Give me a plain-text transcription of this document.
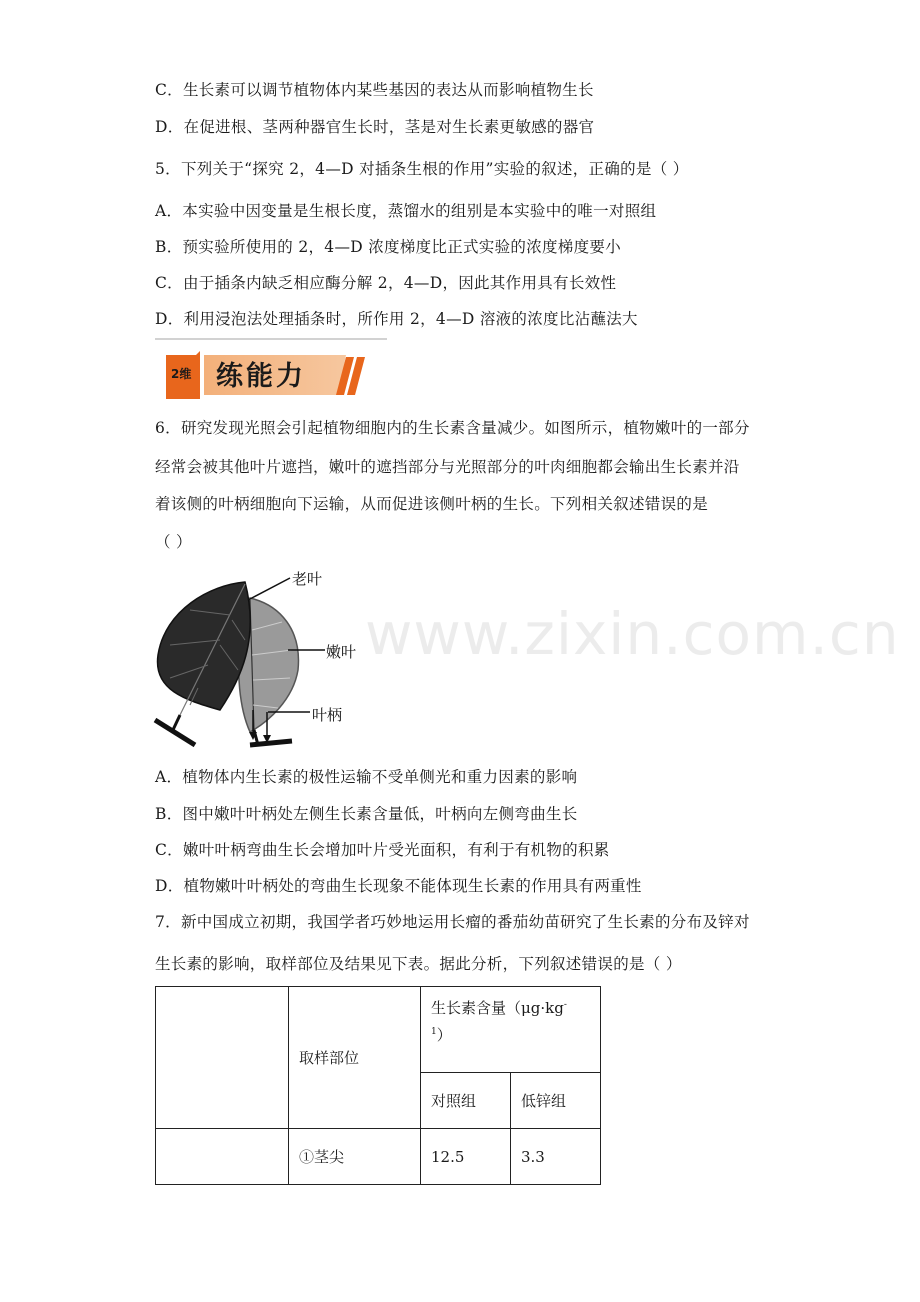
www.zixin.com.cn
C．生长素可以调节植物体内某些基因的表达从而影响植物生长
D．在促进根、茎两种器官生长时，茎是对生长素更敏感的器官
5．下列关于“探究 2，4—D 对插条生根的作用”实验的叙述，正确的是（ ）
A．本实验中因变量是生根长度，蒸馏水的组别是本实验中的唯一对照组
B．预实验所使用的 2，4—D 浓度梯度比正式实验的浓度梯度要小
C．由于插条内缺乏相应酶分解 2，4—D，因此其作用具有长效性
D．利用浸泡法处理插条时，所作用 2，4—D 溶液的浓度比沾蘸法大
2维 练能力
6．研究发现光照会引起植物细胞内的生长素含量减少。如图所示，植物嫩叶的一部分
经常会被其他叶片遮挡，嫩叶的遮挡部分与光照部分的叶肉细胞都会输出生长素并沿
着该侧的叶柄细胞向下运输，从而促进该侧叶柄的生长。下列相关叙述错误的是
（ ）
老叶
嫩叶
叶柄
A．植物体内生长素的极性运输不受单侧光和重力因素的影响
B．图中嫩叶叶柄处左侧生长素含量低，叶柄向左侧弯曲生长
C．嫩叶叶柄弯曲生长会增加叶片受光面积，有利于有机物的积累
D．植物嫩叶叶柄处的弯曲生长现象不能体现生长素的作用具有两重性
7．新中国成立初期，我国学者巧妙地运用长瘤的番茄幼苗研究了生长素的分布及锌对
生长素的影响，取样部位及结果见下表。据此分析，下列叙述错误的是（ ）
	取样部位	生长素含量（μg·kg-
$^1$）	
		对照组	低锌组
	①茎尖	12.5	3.3
